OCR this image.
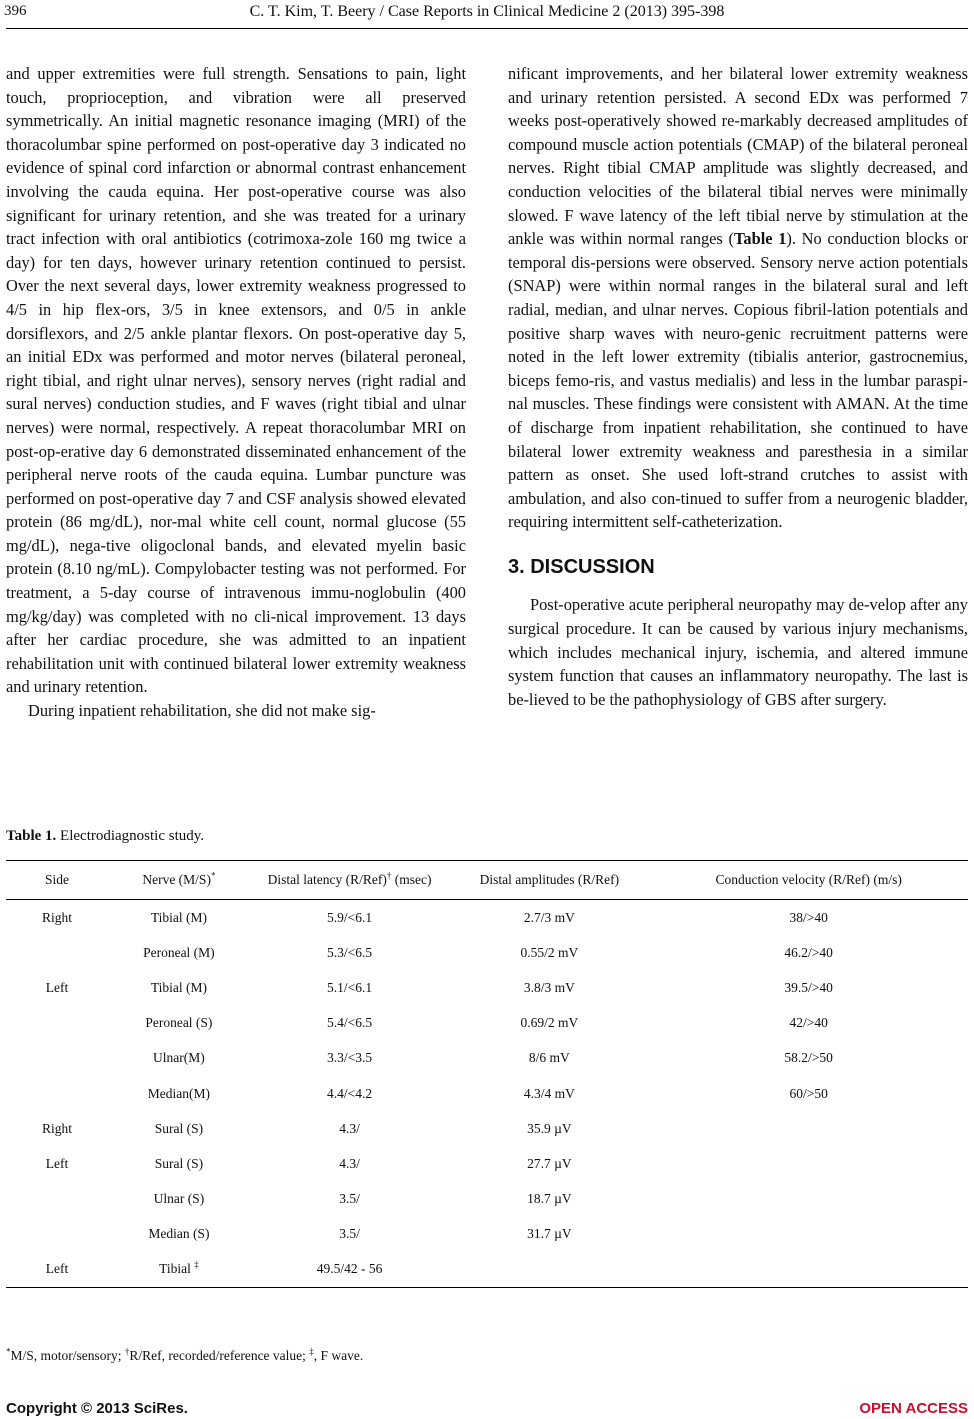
396	C. T. Kim, T. Beery / Case Reports in Clinical Medicine 2 (2013) 395-398

and upper extremities were full strength. Sensations to pain, light touch, proprioception, and vibration were all preserved symmetrically. An initial magnetic resonance imaging (MRI) of the thoracolumbar spine performed on post-operative day 3 indicated no evidence of spinal cord infarction or abnormal contrast enhancement involving the cauda equina. Her post-operative course was also significant for urinary retention, and she was treated for a urinary tract infection with oral antibiotics (cotrimoxa-zole 160 mg twice a day) for ten days, however urinary retention continued to persist. Over the next several days, lower extremity weakness progressed to 4/5 in hip flex-ors, 3/5 in knee extensors, and 0/5 in ankle dorsiflexors, and 2/5 ankle plantar flexors. On post-operative day 5, an initial EDx was performed and motor nerves (bilateral peroneal, right tibial, and right ulnar nerves), sensory nerves (right radial and sural nerves) conduction studies, and F waves (right tibial and ulnar nerves) were normal, respectively. A repeat thoracolumbar MRI on post-op-erative day 6 demonstrated disseminated enhancement of the peripheral nerve roots of the cauda equina. Lumbar puncture was performed on post-operative day 7 and CSF analysis showed elevated protein (86 mg/dL), nor-mal white cell count, normal glucose (55 mg/dL), nega-tive oligoclonal bands, and elevated myelin basic protein (8.10 ng/mL). Compylobacter testing was not performed. For treatment, a 5-day course of intravenous immu-noglobulin (400 mg/kg/day) was completed with no cli-nical improvement. 13 days after her cardiac procedure, she was admitted to an inpatient rehabilitation unit with continued bilateral lower extremity weakness and urinary retention.

During inpatient rehabilitation, she did not make sig-

nificant improvements, and her bilateral lower extremity weakness and urinary retention persisted. A second EDx was performed 7 weeks post-operatively showed re-markably decreased amplitudes of compound muscle action potentials (CMAP) of the bilateral peroneal nerves. Right tibial CMAP amplitude was slightly decreased, and conduction velocities of the bilateral tibial nerves were minimally slowed. F wave latency of the left tibial nerve by stimulation at the ankle was within normal ranges (Table 1). No conduction blocks or temporal dis-persions were observed. Sensory nerve action potentials (SNAP) were within normal ranges in the bilateral sural and left radial, median, and ulnar nerves. Copious fibril-lation potentials and positive sharp waves with neuro-genic recruitment patterns were noted in the left lower extremity (tibialis anterior, gastrocnemius, biceps femo-ris, and vastus medialis) and less in the lumbar paraspi-nal muscles. These findings were consistent with AMAN. At the time of discharge from inpatient rehabilitation, she continued to have bilateral lower extremity weakness and paresthesia in a similar pattern as onset. She used loft-strand crutches to assist with ambulation, and also con-tinued to suffer from a neurogenic bladder, requiring intermittent self-catheterization.

3. DISCUSSION

Post-operative acute peripheral neuropathy may de-velop after any surgical procedure. It can be caused by various injury mechanisms, which includes mechanical injury, ischemia, and altered immune system function that causes an inflammatory neuropathy. The last is be-lieved to be the pathophysiology of GBS after surgery.

Table 1. Electrodiagnostic study.
Side	Nerve (M/S)*	Distal latency (R/Ref)† (msec)	Distal amplitudes (R/Ref)	Conduction velocity (R/Ref) (m/s)
Right	Tibial (M)	5.9/<6.1	2.7/3 mV	38/>40
	Peroneal (M)	5.3/<6.5	0.55/2 mV	46.2/>40
Left	Tibial (M)	5.1/<6.1	3.8/3 mV	39.5/>40
	Peroneal (S)	5.4/<6.5	0.69/2 mV	42/>40
	Ulnar(M)	3.3/<3.5	8/6 mV	58.2/>50
	Median(M)	4.4/<4.2	4.3/4 mV	60/>50
Right	Sural (S)	4.3/	35.9 µV	
Left	Sural (S)	4.3/	27.7 µV	
	Ulnar (S)	3.5/	18.7 µV	
	Median (S)	3.5/	31.7 µV	
Left	Tibial ‡	49.5/42 - 56		
*M/S, motor/sensory; †R/Ref, recorded/reference value; ‡, F wave.
Copyright © 2013 SciRes.	OPEN ACCESS
